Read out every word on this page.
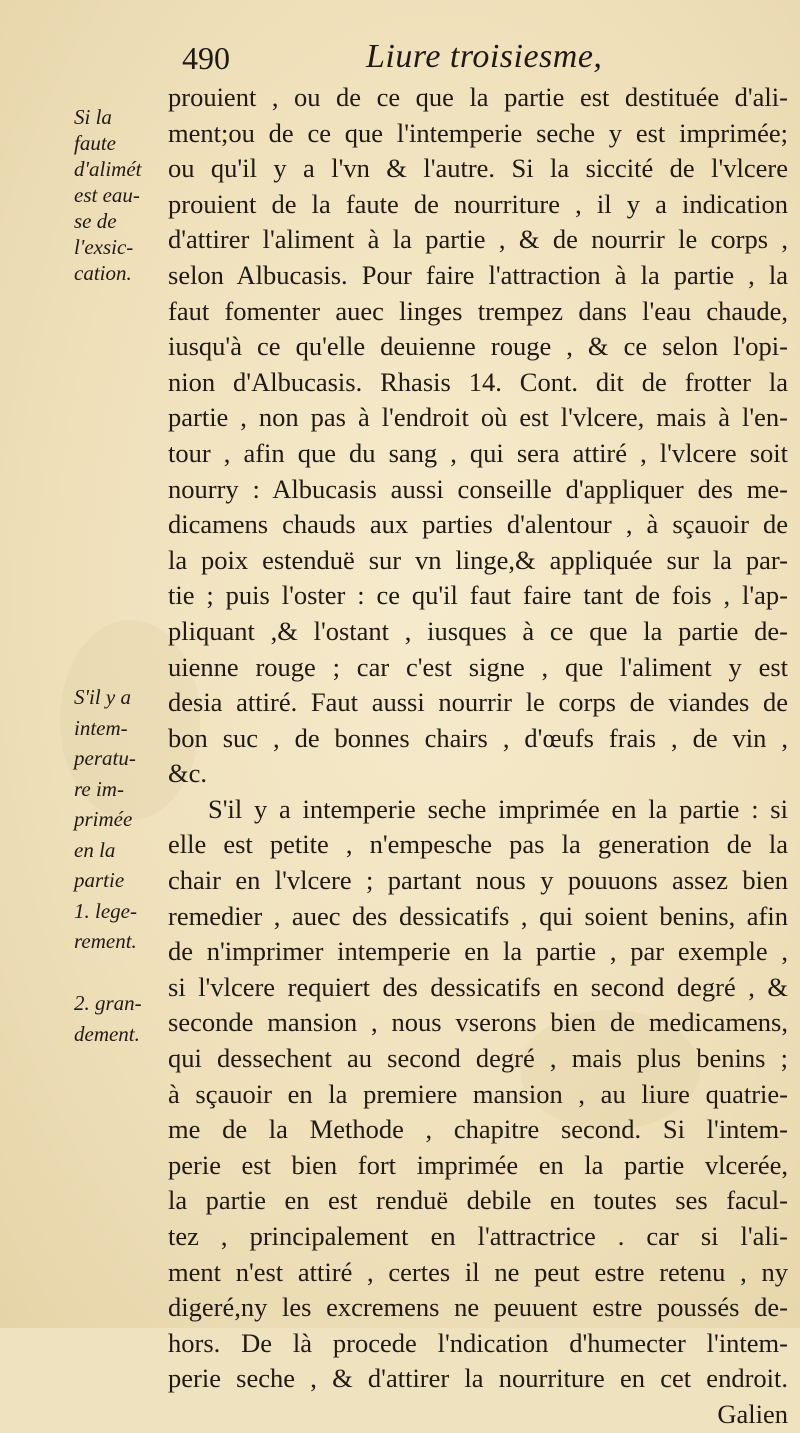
490	Liure troisiesme,
Si la
faute
d'alimét
est eau-
se de
l'exsic-
cation.
S'il y a
intem-
peratu-
re im-
primée
en la
partie
1. lege-
rement.
2. gran-
dement.
prouient , ou de ce que la partie est destituée d'ali-
ment;ou de ce que l'intemperie seche y est imprimée;
ou qu'il y a l'vn & l'autre. Si la siccité de l'vlcere
prouient de la faute de nourriture , il y a indication
d'attirer l'aliment à la partie , & de nourrir le corps ,
selon Albucasis. Pour faire l'attraction à la partie , la
faut fomenter auec linges trempez dans l'eau chaude,
iusqu'à ce qu'elle deuienne rouge , & ce selon l'opi-
nion d'Albucasis. Rhasis 14. Cont. dit de frotter la
partie , non pas à l'endroit où est l'vlcere, mais à l'en-
tour , afin que du sang , qui sera attiré , l'vlcere soit
nourry : Albucasis aussi conseille d'appliquer des me-
dicamens chauds aux parties d'alentour , à sçauoir de
la poix estenduë sur vn linge,& appliquée sur la par-
tie ; puis l'oster : ce qu'il faut faire tant de fois , l'ap-
pliquant ,& l'ostant , iusques à ce que la partie de-
uienne rouge ; car c'est signe , que l'aliment y est
desia attiré. Faut aussi nourrir le corps de viandes de
bon suc , de bonnes chairs , d'œufs frais , de vin ,
&c.
S'il y a intemperie seche imprimée en la partie : si
elle est petite , n'empesche pas la generation de la
chair en l'vlcere ; partant nous y pouuons assez bien
remedier , auec des dessicatifs , qui soient benins, afin
de n'imprimer intemperie en la partie , par exemple ,
si l'vlcere requiert des dessicatifs en second degré , &
seconde mansion , nous vserons bien de medicamens,
qui dessechent au second degré , mais plus benins ;
à sçauoir en la premiere mansion , au liure quatrie-
me de la Methode , chapitre second. Si l'intem-
perie est bien fort imprimée en la partie vlcerée,
la partie en est renduë debile en toutes ses facul-
tez , principalement en l'attractrice . car si l'ali-
ment n'est attiré , certes il ne peut estre retenu , ny
digeré,ny les excremens ne peuuent estre poussés de-
hors. De là procede l'ndication d'humecter l'intem-
perie seche , & d'attirer la nourriture en cet endroit.
Galien
